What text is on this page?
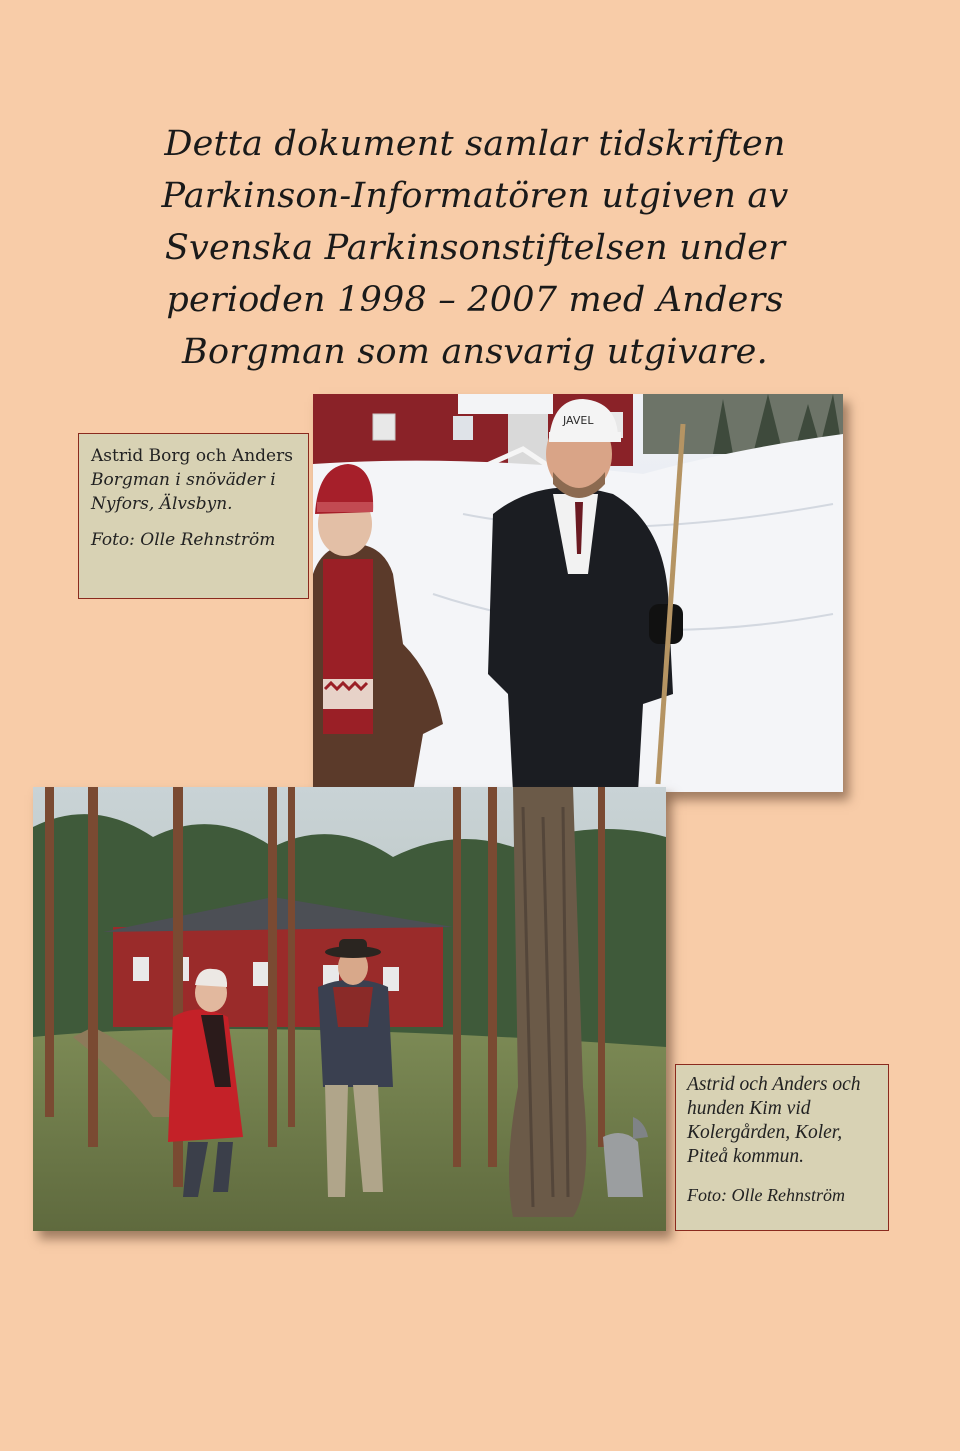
Detta dokument samlar tidskriften
Parkinson-Informatören utgiven av
Svenska Parkinsonstiftelsen under
perioden 1998 – 2007 med Anders
Borgman som ansvarig utgivare.
JAVEL
Astrid Borg och Anders
Borgman i snöväder i
Nyfors, Älvsbyn.
Foto: Olle Rehnström
Astrid och Anders och
hunden Kim vid
Kolergården, Koler,
Piteå kommun.
Foto: Olle Rehnström
